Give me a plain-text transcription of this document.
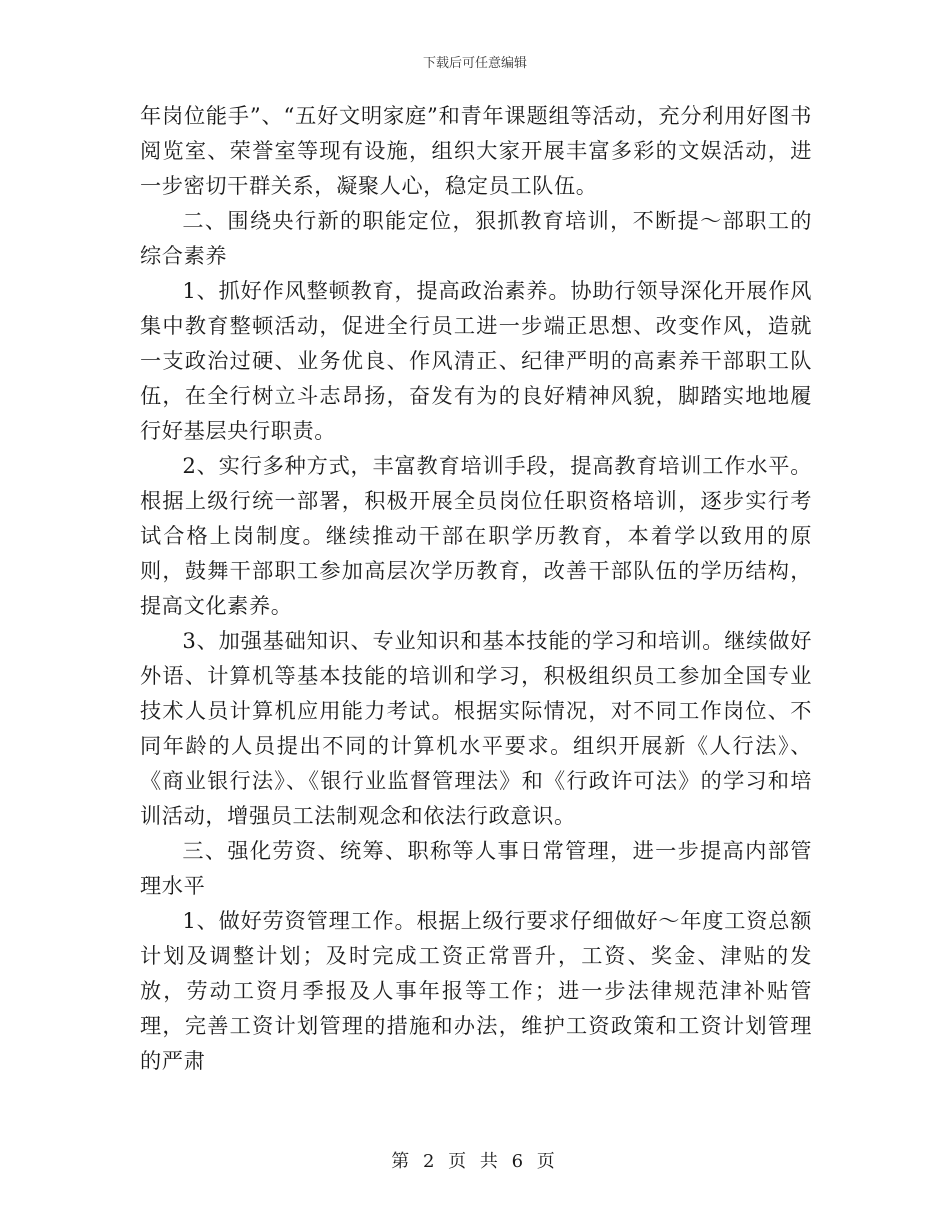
下载后可任意编辑

年岗位能手”、“五好文明家庭”和青年课题组等活动，充分利用好图书阅览室、荣誉室等现有设施，组织大家开展丰富多彩的文娱活动，进一步密切干群关系，凝聚人心，稳定员工队伍。

二、围绕央行新的职能定位，狠抓教育培训，不断提～部职工的综合素养

1、抓好作风整顿教育，提高政治素养。协助行领导深化开展作风集中教育整顿活动，促进全行员工进一步端正思想、改变作风，造就一支政治过硬、业务优良、作风清正、纪律严明的高素养干部职工队伍，在全行树立斗志昂扬，奋发有为的良好精神风貌，脚踏实地地履行好基层央行职责。

2、实行多种方式，丰富教育培训手段，提高教育培训工作水平。根据上级行统一部署，积极开展全员岗位任职资格培训，逐步实行考试合格上岗制度。继续推动干部在职学历教育，本着学以致用的原则，鼓舞干部职工参加高层次学历教育，改善干部队伍的学历结构，提高文化素养。

3、加强基础知识、专业知识和基本技能的学习和培训。继续做好外语、计算机等基本技能的培训和学习，积极组织员工参加全国专业技术人员计算机应用能力考试。根据实际情况，对不同工作岗位、不同年龄的人员提出不同的计算机水平要求。组织开展新《人行法》、《商业银行法》、《银行业监督管理法》和《行政许可法》的学习和培训活动，增强员工法制观念和依法行政意识。

三、强化劳资、统筹、职称等人事日常管理，进一步提高内部管理水平

1、做好劳资管理工作。根据上级行要求仔细做好～年度工资总额计划及调整计划；及时完成工资正常晋升，工资、奖金、津贴的发放，劳动工资月季报及人事年报等工作；进一步法律规范津补贴管理，完善工资计划管理的措施和办法，维护工资政策和工资计划管理的严肃

第 2 页 共 6 页
